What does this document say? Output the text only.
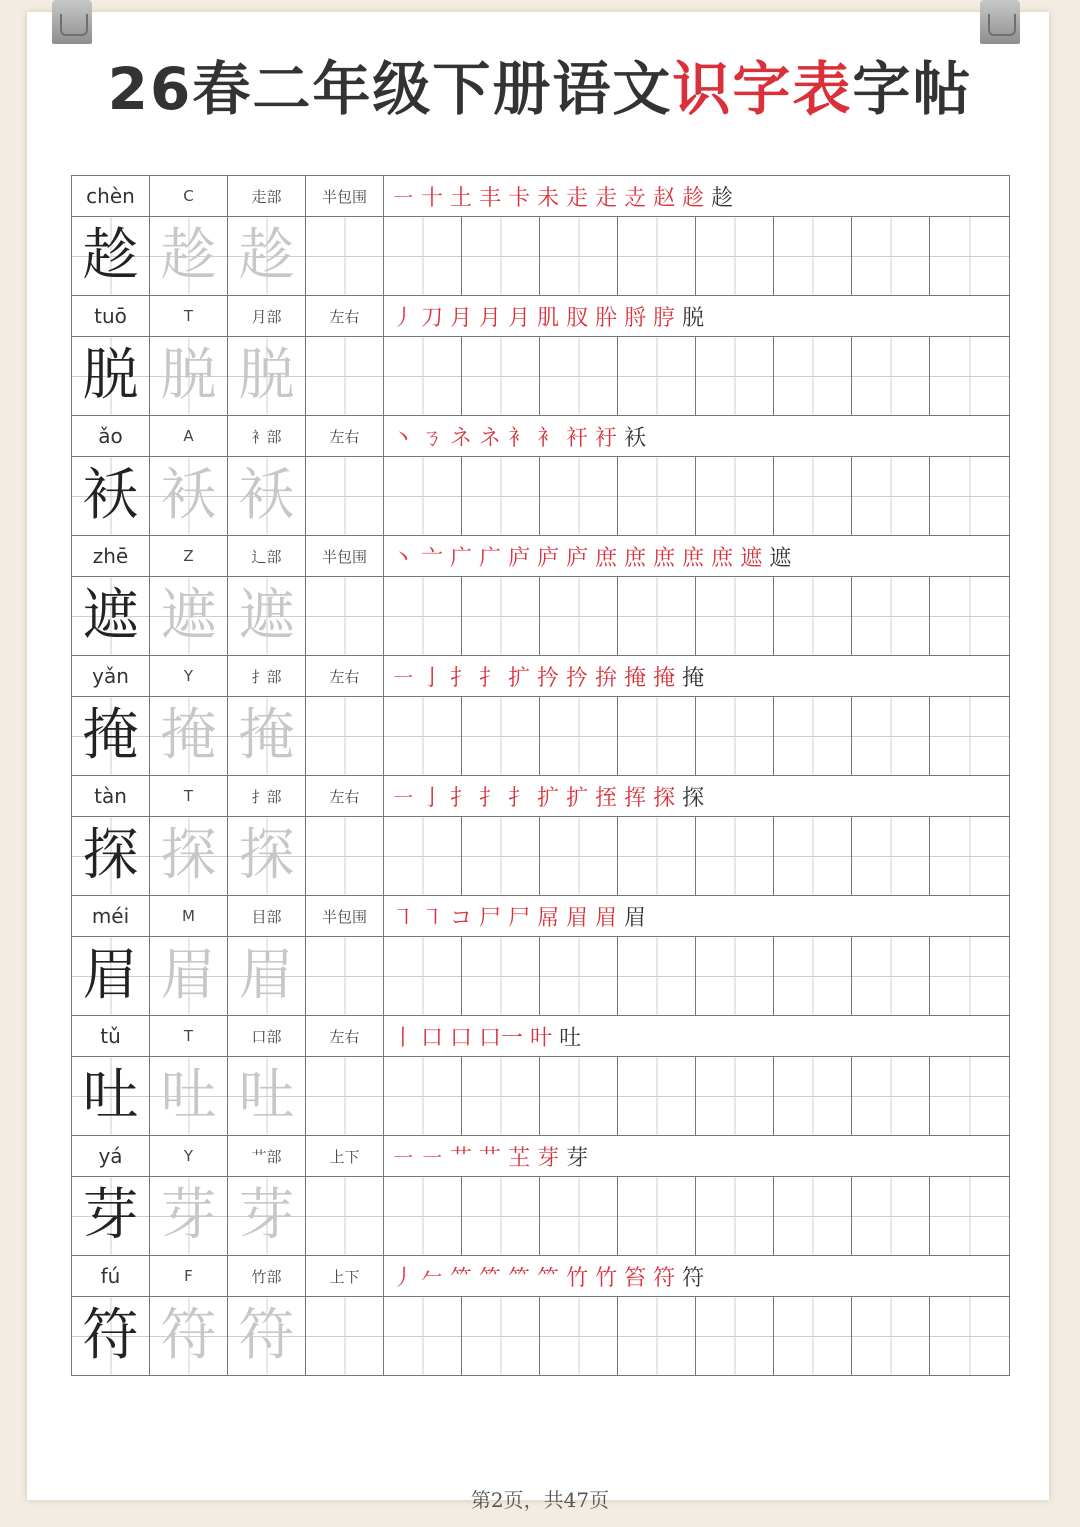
26春二年级下册语文识字表字帖
chèn	C	走部	半包围	㇐ 十 土 丰 卡 未 走 走 赱 赵 趁 趁							
趁	趁	趁									
tuō	T	月部	左右	丿 刀 月 月 月 肌 肞 肸 脟 脝 脱							
脱	脱	脱									
ǎo	A	衤部	左右	丶 ㄋ ネ ネ 衤 衤 衦 衧 袄							
袄	袄	袄									
zhē	Z	辶部	半包围	丶 亠 广 广 庐 庐 庐 庶 庶 庶 庶 庶 遮 遮							
遮	遮	遮									
yǎn	Y	扌部	左右	㇐ 亅 扌 扌 扩 扲 扲 拚 掩 掩 掩							
掩	掩	掩									
tàn	T	扌部	左右	㇐ 亅 扌 扌 扌 扩 扩 挃 挥 探 探							
探	探	探									
méi	M	目部	半包围	㇕ ㇕ コ 尸 尸 屌 眉 眉 眉							
眉	眉	眉									
tǔ	T	口部	左右	丨 口 口 口一 叶 吐							
吐	吐	吐									
yá	Y	艹部	上下	㇐ ㇐ 艹 艹 芏 芽 芽							
芽	芽	芽									
fú	F	竹部	上下	丿 𠂉 ⺮ ⺮ ⺮ ⺮ 竹 竹 笞 符 符							
符	符	符									
第2页，共47页
